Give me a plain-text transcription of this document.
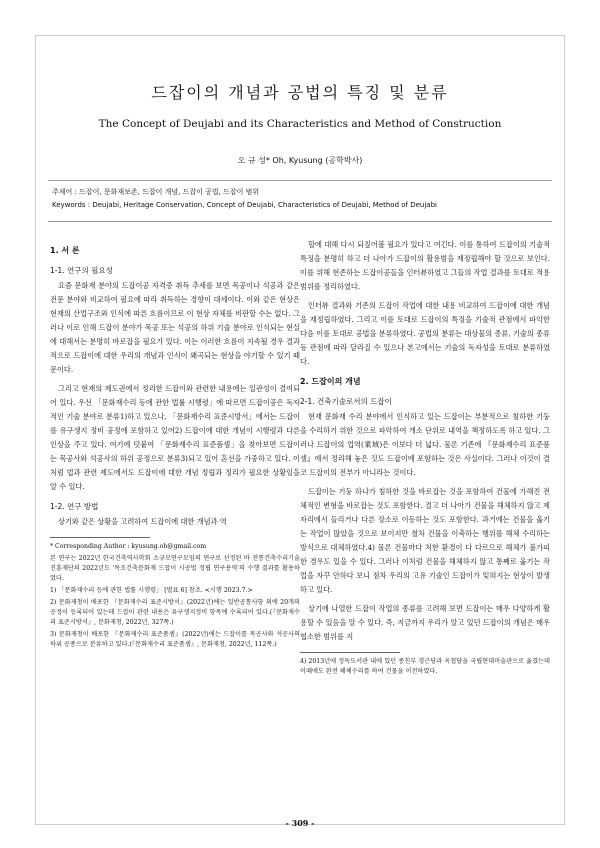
드잡이의 개념과 공법의 특징 및 분류
The Concept of Deujabi and its Characteristics and Method of Construction
오 규 성* Oh, Kyusung (공학박사)
주제어 : 드잡이, 문화재보존, 드잡이 개념, 드잡이 공법, 드잡이 범위
Keywords : Deujabi, Heritage Conservation, Concept of Deujabi, Characteristics of Deujabi, Method of Deujabi
1. 서 론
1-1. 연구의 필요성
요즘 문화재 분야의 드잡이공 자격증 취득 추세를 보면 목공이나 석공과 같은 전문 분야와 비교하여 필요에 따라 취득하는 경향이 대세이다. 이와 같은 현상은 현재의 산업구조와 인식에 따른 흐름이므로 이 현상 자체를 비판할 수는 없다. 그러나 이로 인해 드잡이 분야가 목공 또는 석공의 하위 기술 분야로 인식되는 현실에 대해서는 분명히 바로잡을 필요가 있다. 이는 이러한 흐름이 지속될 경우 결과적으로 드잡이에 대한 우리의 개념과 인식이 왜곡되는 현상을 야기할 수 있기 때문이다.
그리고 현재의 제도권에서 정리한 드잡이와 관련한 내용에는 일관성이 결여되어 있다. 우선 「문화재수리 등에 관한 법률 시행령」에 따르면 드잡이공은 독자적인 기술 분야로 분류1)하고 있으나, 「문화재수리 표준시방서」에서는 드잡이를 유구생지 정비 공정에 포함하고 있어2) 드잡이에 대한 개념이 시행령과 다른 인상을 주고 있다. 여기에 덧붙여 「문화재수리 표준품셈」을 찾아보면 드잡이는 목공사와 석공사의 하위 공정으로 분류3)되고 있어 혼선을 가중하고 있다. 이처럼 법과 관련 제도에서도 드잡이에 대한 개념 정립과 정리가 필요한 상황임을 알 수 있다.
1-2. 연구 방법
상기와 같은 상황을 고려하여 드잡이에 대한 개념과 역
* Corresponding Author : kyusung.oh@gmail.com
본 연구는 2022년 한국건축역사학회 소규모연구모임의 연구로 선정된 바 전통건축수리기술진흥재단의 2022년도 '목조건축문화재 드잡이 시공법 정립 연구용역'의 수행 결과를 활용하였다.
1) 「문화재수리 등에 관한 법률 시행령」 [별표 6] 참조. <시행 2023.7.>
2) 문화재청이 배포한 『문화재수리 표준시방서』(2022년)에는 일반공통사항 외에 20개의 공정이 등록되어 있는데 드잡이 관련 내용은 유구생지정비 항목에 수록되어 있다.(『문화재수리 표준시방서』, 문화재청, 2022년, 327쪽.)
3) 문화재청이 배포한 『문화재수리 표준품셈』(2022년)에는 드잡이를 목공사와 석공사의 하위 공종으로 분류하고 있다.(『문화재수리 표준품셈』, 문화재청, 2022년, 112쪽.)
할에 대해 다시 되짚어볼 필요가 있다고 여긴다. 이를 통하여 드잡이의 기술적 특징을 분명히 하고 더 나아가 드잡이의 활용범을 재정립해야 할 것으로 보인다. 이를 위해 현존하는 드잡이공들을 인터뷰하였고 그들의 작업 결과를 토대로 적용 범위를 정리하였다.
인터뷰 결과와 기존의 드잡이 작업에 대한 내용 비교하여 드잡이에 대한 개념을 재정립하였다. 그리고 이를 토대로 드잡이의 특징을 기술적 관점에서 파악한 다음 이를 토대로 공법을 분류하였다. 공법의 분류는 대상물의 종류, 기술의 종류 등 관점에 따라 달라질 수 있으나 본고에서는 기술의 독자성을 토대로 분류하였다.
2. 드잡이의 개념
2-1. 건축기술로서의 드잡이
현재 문화재 수리 분야에서 인식하고 있는 드잡이는 부분적으로 침하한 기둥을 수리하기 위한 것으로 파악하여 개소 단위로 내역을 책정하도록 하고 있다. 그러나 드잡이의 업역(業域)은 이보다 더 넓다. 물론 기존에 『문화재수리 표준품셈』에서 정리해 놓은 것도 드잡이에 포함하는 것은 사실이다. 그러나 이것이 결코 드잡이의 전부가 아니라는 것이다.
드잡이는 기둥 하나가 침하한 것을 바로잡는 것을 포함하여 건물에 가해진 전체적인 변형을 바로잡는 것도 포함한다. 결고 더 나아가 건물을 해체하지 않고 제자리에서 들리거나 다른 장소로 이동하는 것도 포함한다. 과거에는 건물을 옮기는 작업이 많았을 것으로 보이지만 철차 건물을 이축하는 행위를 해체 수리하는 방식으로 대체하였다.4) 물론 건물마다 처한 환경이 다 다르므로 해체가 불가피한 경우도 있을 수 있다. 그러나 이처럼 건물을 해체하지 않고 통째로 옮기는 작업을 자꾸 안하다 보니 점차 우리의 고유 기술인 드잡이가 잊혀지는 현상이 발생하고 있다.
상기에 나열한 드잡이 작업의 종류를 고려해 보면 드잡이는 매우 다양하게 활용할 수 있음을 알 수 있다. 즉, 지금까지 우리가 알고 있던 드잡이의 개념은 매우 협소한 범위를 지
4) 2013년에 정독도서관 내에 있던 종친부 경근당과 옥첩당을 국립현대미술관으로 옮겼는데 이때에도 완전 해체수리를 하여 건물을 이전하였다.
- 309 -
